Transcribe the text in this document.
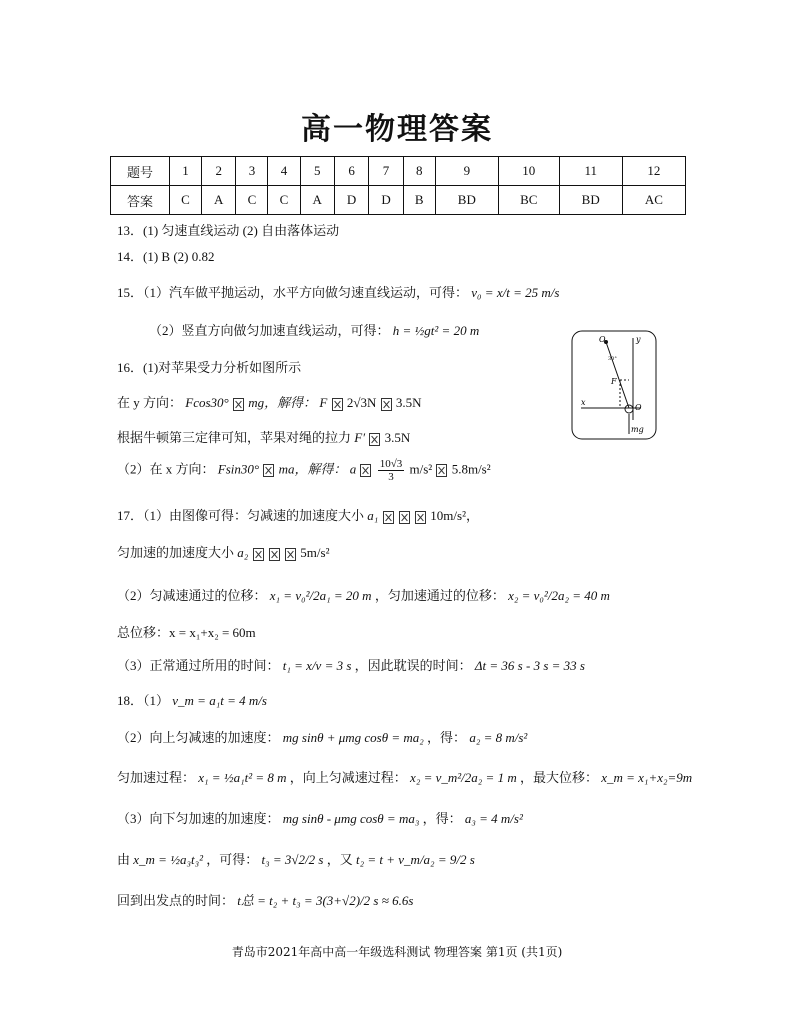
高一物理答案
题号	1	2	3	4	5	6	7	8	9	10	11	12
答案	C	A	C	C	A	D	D	B	BD	BC	BD	AC
13．(1) 匀速直线运动 (2) 自由落体运动
14．(1) B (2) 0.82
15．（1）汽车做平抛运动，水平方向做匀速直线运动，可得： v₀ = x/t = 25 m/s
（2）竖直方向做匀加速直线运动，可得： h = ½gt² = 20 m
16．(1)对苹果受力分析如图所示
在 y 方向： Fcos30° mg，解得： F 2√3N 3.5N
根据牛顿第三定律可知，苹果对绳的拉力 F′ 3.5N
（2）在 x 方向： Fsin30° ma，解得： a $\frac{10√3}{3} m/s^2$ 5.8m/s²
O	y
F
x
O
mg
30°
17．（1）由图像可得：匀减速的加速度大小 a₁	10m/s²，
匀加速的加速度大小 a₂	5m/s²
（2）匀减速通过的位移： x₁ = v₀²/2a₁ = 20 m ，匀加速通过的位移： x₂ = v₀²/2a₂ = 40 m
总位移：x = x₁+x₂ = 60m
（3）正常通过所用的时间： t₁ = x/v = 3 s ，因此耽误的时间： Δt = 36 s - 3 s = 33 s
18．（1） v_m = a₁t = 4 m/s
（2）向上匀减速的加速度： mg sinθ + μmg cosθ = ma₂ ，得： a₂ = 8 m/s²
匀加速过程： x₁ = ½a₁t² = 8 m ，向上匀减速过程： x₂ = v_m²/2a₂ = 1 m ，最大位移： x_m = x₁+x₂=9m
（3）向下匀加速的加速度： mg sinθ - μmg cosθ = ma₃ ，得： a₃ = 4 m/s²
由 x_m = ½a₃t₃² ，可得： t₃ = 3√2/2 s ，又 t₂ = t + v_m/a₂ = 9/2 s
回到出发点的时间： t总 = t₂ + t₃ = 3(3+√2)/2 s ≈ 6.6s
青岛市2021年高中高一年级选科测试 物理答案 第1页 (共1页)
